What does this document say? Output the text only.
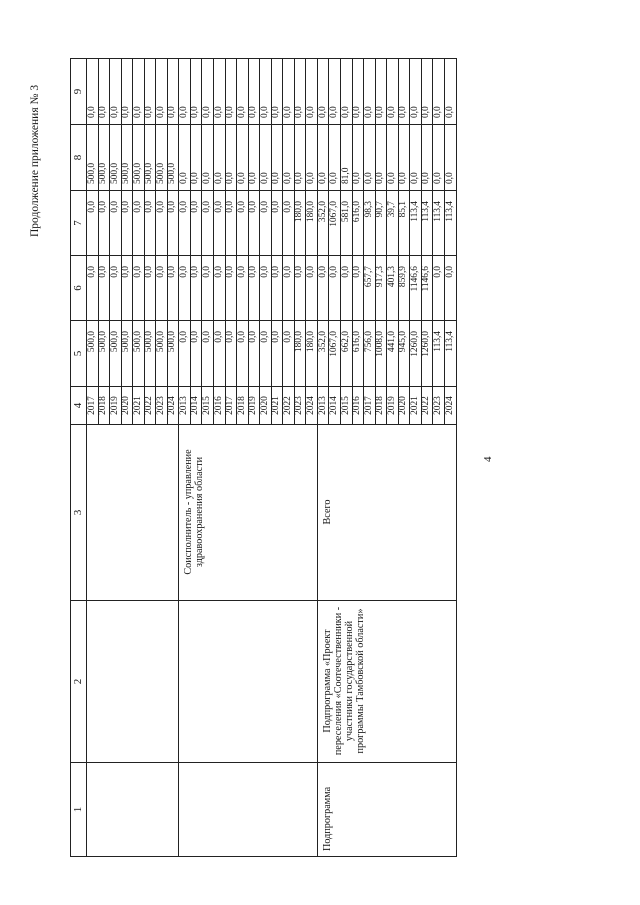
4
Продолжение приложения № 3
1	2	3	4	5	6	7	8	9
			2017	500,0	0,0	0,0	500,0	0,0
			2018	500,0	0,0	0,0	500,0	0,0
			2019	500,0	0,0	0,0	500,0	0,0
			2020	500,0	0,0	0,0	500,0	0,0
			2021	500,0	0,0	0,0	500,0	0,0
			2022	500,0	0,0	0,0	500,0	0,0
			2023	500,0	0,0	0,0	500,0	0,0
			2024	500,0	0,0	0,0	500,0	0,0
		Соисполнитель - управление здравоохранения области	2013	0,0	0,0	0,0	0,0	0,0
			2014	0,0	0,0	0,0	0,0	0,0
			2015	0,0	0,0	0,0	0,0	0,0
			2016	0,0	0,0	0,0	0,0	0,0
			2017	0,0	0,0	0,0	0,0	0,0
			2018	0,0	0,0	0,0	0,0	0,0
			2019	0,0	0,0	0,0	0,0	0,0
			2020	0,0	0,0	0,0	0,0	0,0
			2021	0,0	0,0	0,0	0,0	0,0
			2022	0,0	0,0	0,0	0,0	0,0
			2023	180,0	0,0	180,0	0,0	0,0
			2024	180,0	0,0	180,0	0,0	0,0
Подпрограмма	Подпрограмма «Проект переселения «Соотечественники - участники государственной программы Тамбовской области»	Всего	2013	352,0	0,0	352,0	0,0	0,0
			2014	1067,0	0,0	1067,0	0,0	0,0
			2015	662,0	0,0	581,0	81,0	0,0
			2016	616,0	0,0	616,0	0,0	0,0
			2017	756,0	657,7	98,3	0,0	0,0
			2018	1008,0	917,3	90,7	0,0	0,0
			2019	441,0	401,3	39,7	0,0	0,0
			2020	945,0	859,9	85,1	0,0	0,0
			2021	1260,0	1146,6	113,4	0,0	0,0
			2022	1260,0	1146,6	113,4	0,0	0,0
			2023	113,4	0,0	113,4	0,0	0,0
			2024	113,4	0,0	113,4	0,0	0,0
